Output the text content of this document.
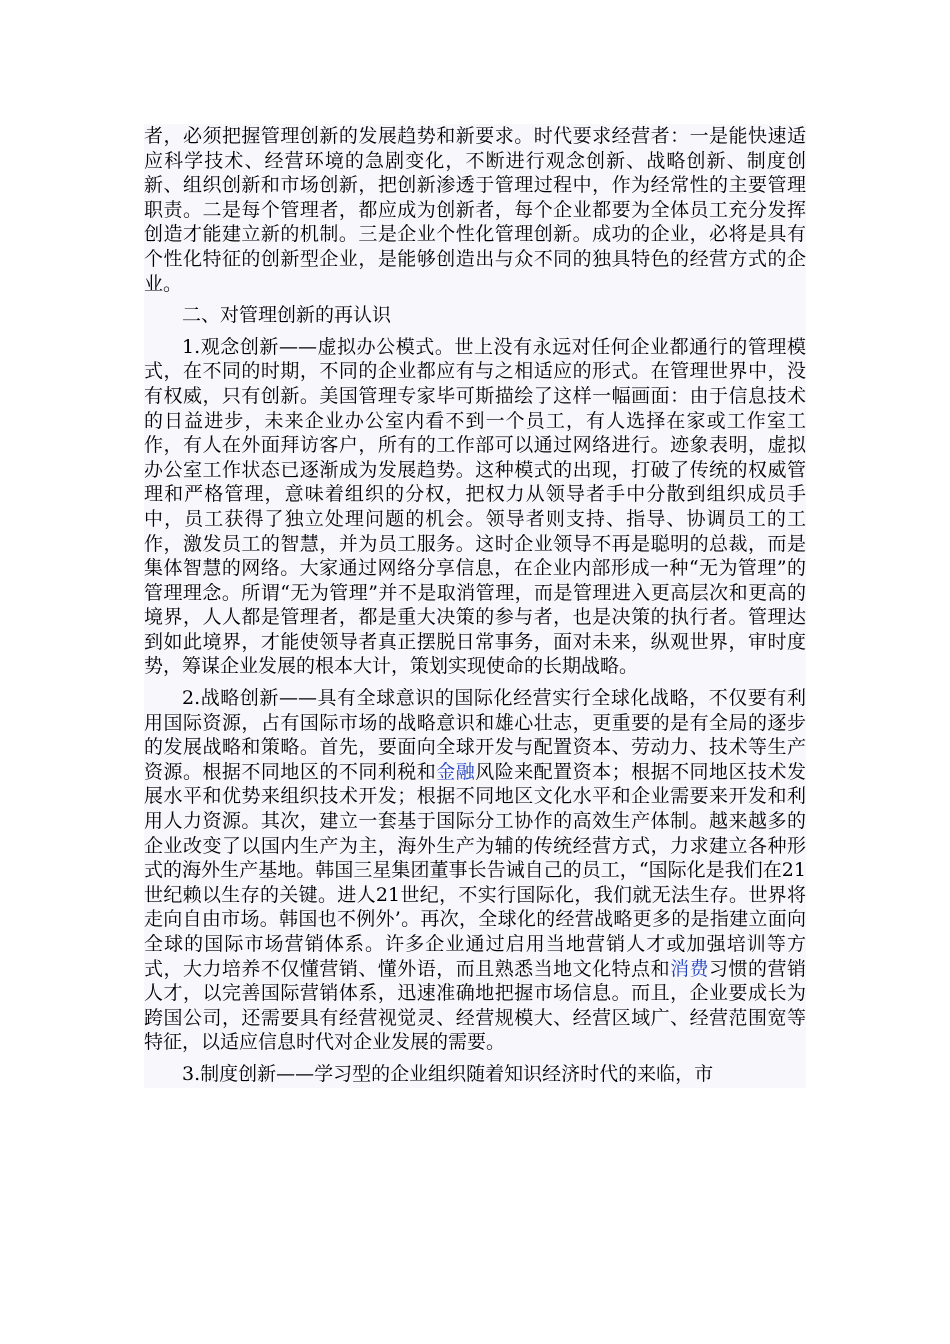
者，必须把握管理创新的发展趋势和新要求。时代要求经营者：一是能快速适应科学技术、经营环境的急剧变化，不断进行观念创新、战略创新、制度创新、组织创新和市场创新，把创新渗透于管理过程中，作为经常性的主要管理职责。二是每个管理者，都应成为创新者，每个企业都要为全体员工充分发挥创造才能建立新的机制。三是企业个性化管理创新。成功的企业，必将是具有个性化特征的创新型企业，是能够创造出与众不同的独具特色的经营方式的企业。

二、对管理创新的再认识

1.观念创新——虚拟办公模式。世上没有永远对任何企业都通行的管理模式，在不同的时期，不同的企业都应有与之相适应的形式。在管理世界中，没有权威，只有创新。美国管理专家毕可斯描绘了这样一幅画面：由于信息技术的日益进步，未来企业办公室内看不到一个员工，有人选择在家或工作室工作，有人在外面拜访客户，所有的工作部可以通过网络进行。迹象表明，虚拟办公室工作状态已逐渐成为发展趋势。这种模式的出现，打破了传统的权威管理和严格管理，意味着组织的分权，把权力从领导者手中分散到组织成员手中，员工获得了独立处理问题的机会。领导者则支持、指导、协调员工的工作，激发员工的智慧，并为员工服务。这时企业领导不再是聪明的总裁，而是集体智慧的网络。大家通过网络分享信息，在企业内部形成一种“无为管理”的管理理念。所谓“无为管理”并不是取消管理，而是管理进入更高层次和更高的境界，人人都是管理者，都是重大决策的参与者，也是决策的执行者。管理达到如此境界，才能使领导者真正摆脱日常事务，面对未来，纵观世界，审时度势，筹谋企业发展的根本大计，策划实现使命的长期战略。

2.战略创新——具有全球意识的国际化经营实行全球化战略，不仅要有利用国际资源，占有国际市场的战略意识和雄心壮志，更重要的是有全局的逐步的发展战略和策略。首先，要面向全球开发与配置资本、劳动力、技术等生产资源。根据不同地区的不同利税和金融风险来配置资本；根据不同地区技术发展水平和优势来组织技术开发；根据不同地区文化水平和企业需要来开发和利用人力资源。其次，建立一套基于国际分工协作的高效生产体制。越来越多的企业改变了以国内生产为主，海外生产为辅的传统经营方式，力求建立各种形式的海外生产基地。韩国三星集团董事长告诫自己的员工，“国际化是我们在21世纪赖以生存的关键。进人21世纪，不实行国际化，我们就无法生存。世界将走向自由市场。韩国也不例外’。再次，全球化的经营战略更多的是指建立面向全球的国际市场营销体系。许多企业通过启用当地营销人才或加强培训等方式，大力培养不仅懂营销、懂外语，而且熟悉当地文化特点和消费习惯的营销人才，以完善国际营销体系，迅速准确地把握市场信息。而且，企业要成长为跨国公司，还需要具有经营视觉灵、经营规模大、经营区域广、经营范围宽等特征，以适应信息时代对企业发展的需要。

3.制度创新——学习型的企业组织随着知识经济时代的来临，市
